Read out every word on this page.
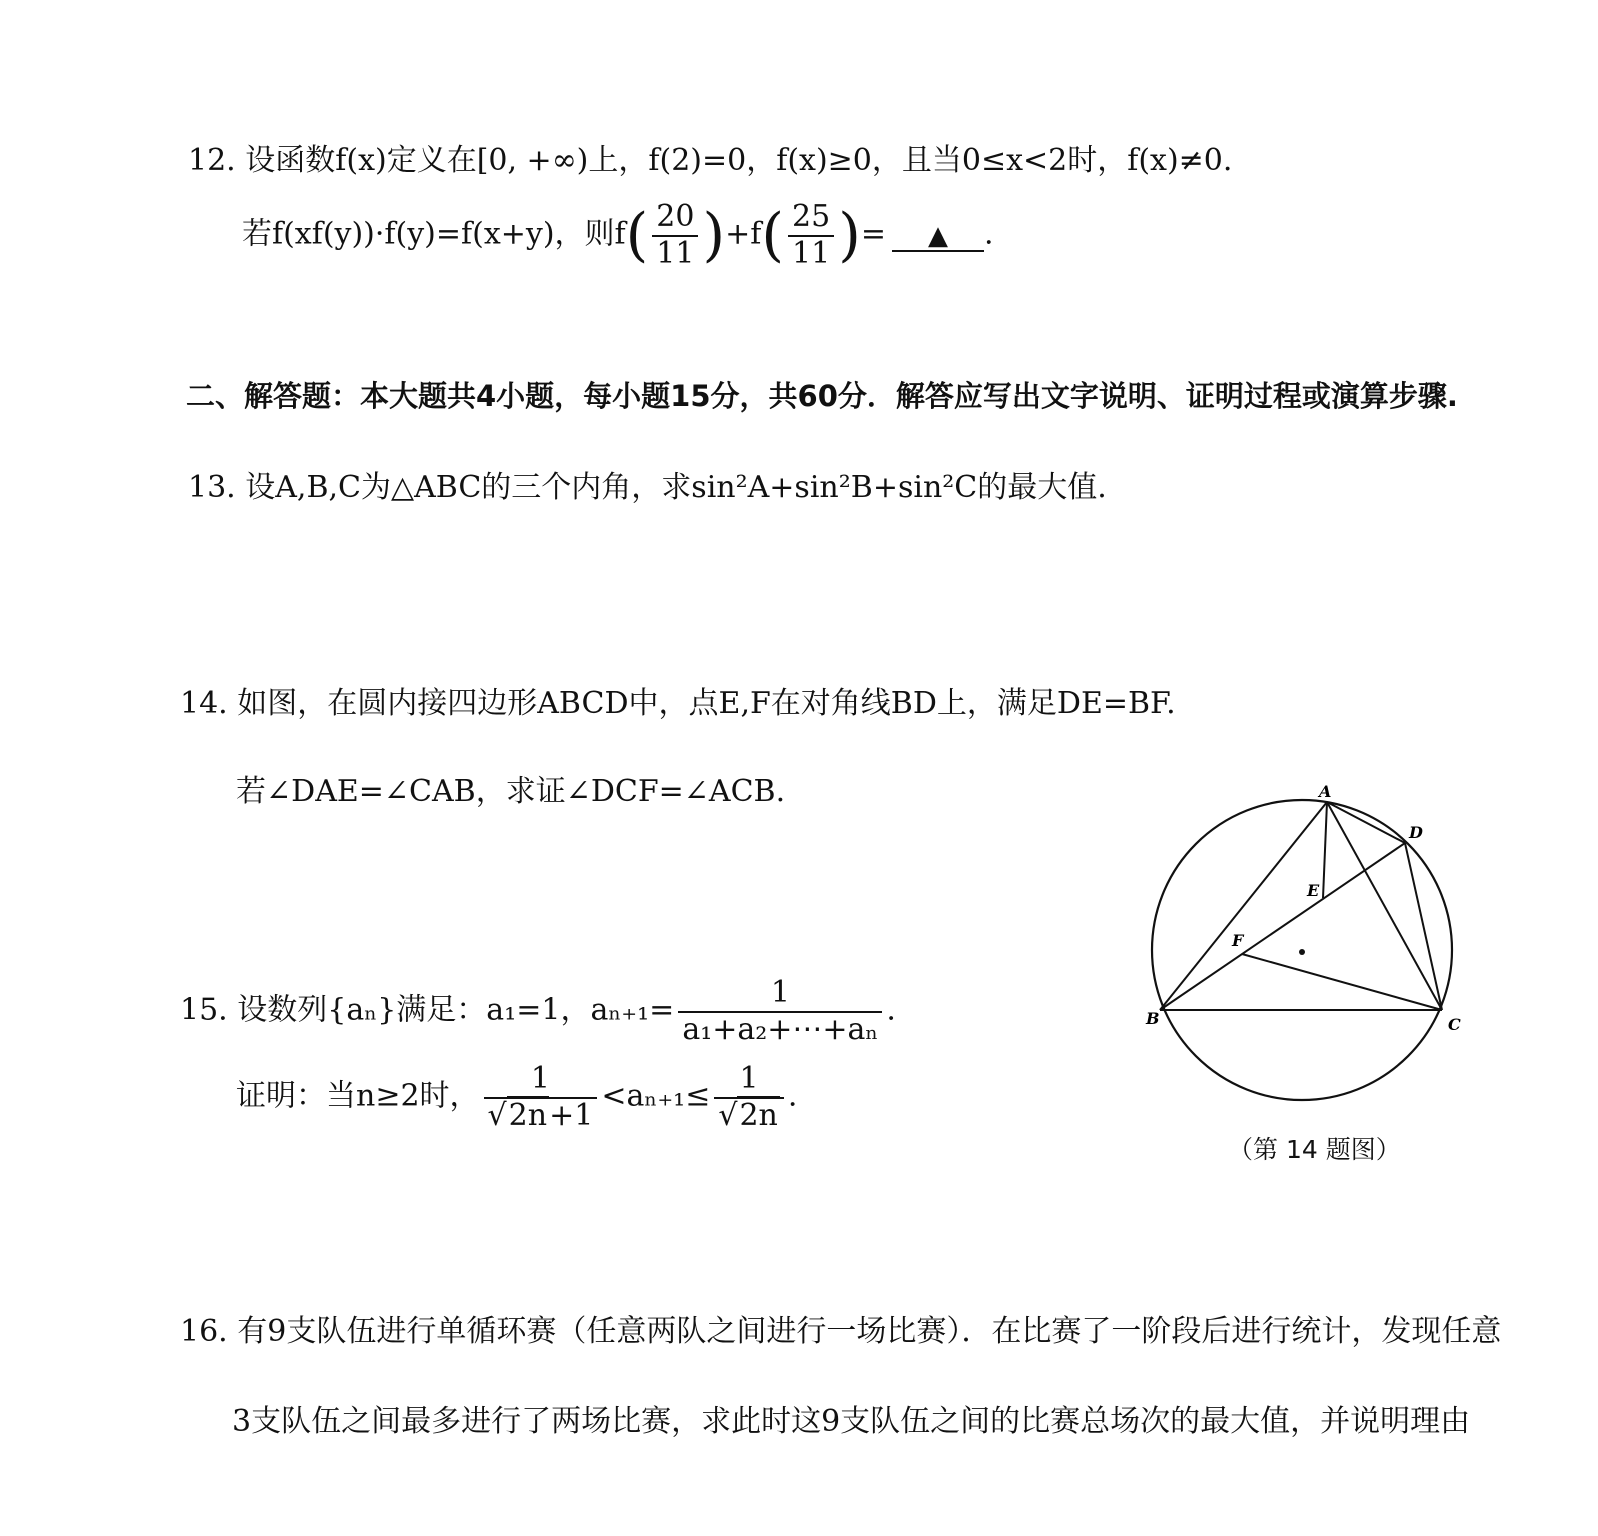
12. 设函数f(x)定义在[0, +∞)上，f(2)=0，f(x)≥0，且当0≤x<2时，f(x)≠0.
若f(xf(y))·f(y)=f(x+y)，则$f( \frac{20}{11} )+f( \frac{25}{11}$ )= ▲ .
二、解答题：本大题共4小题，每小题15分，共60分．解答应写出文字说明、证明过程或演算步骤.
13. 设A,B,C为△ABC的三个内角，求sin²A+sin²B+sin²C的最大值.
14. 如图，在圆内接四边形ABCD中，点E,F在对角线BD上，满足DE=BF.
若∠DAE=∠CAB，求证∠DCF=∠ACB.	A
D
E
F
B	C
（第 14 题图）
15. 设数列{aₙ}满足：a₁=1，$a_{n+1}= \frac{1}{\text{a₁+a₂+⋯+aₙ}}$ .
证明：当n≥2时， $\frac{1}{√2n+1} <a_{n+1}\le \frac{1}{√2n}$ .
16. 有9支队伍进行单循环赛（任意两队之间进行一场比赛）．在比赛了一阶段后进行统计，发现任意
3支队伍之间最多进行了两场比赛，求此时这9支队伍之间的比赛总场次的最大值，并说明理由
